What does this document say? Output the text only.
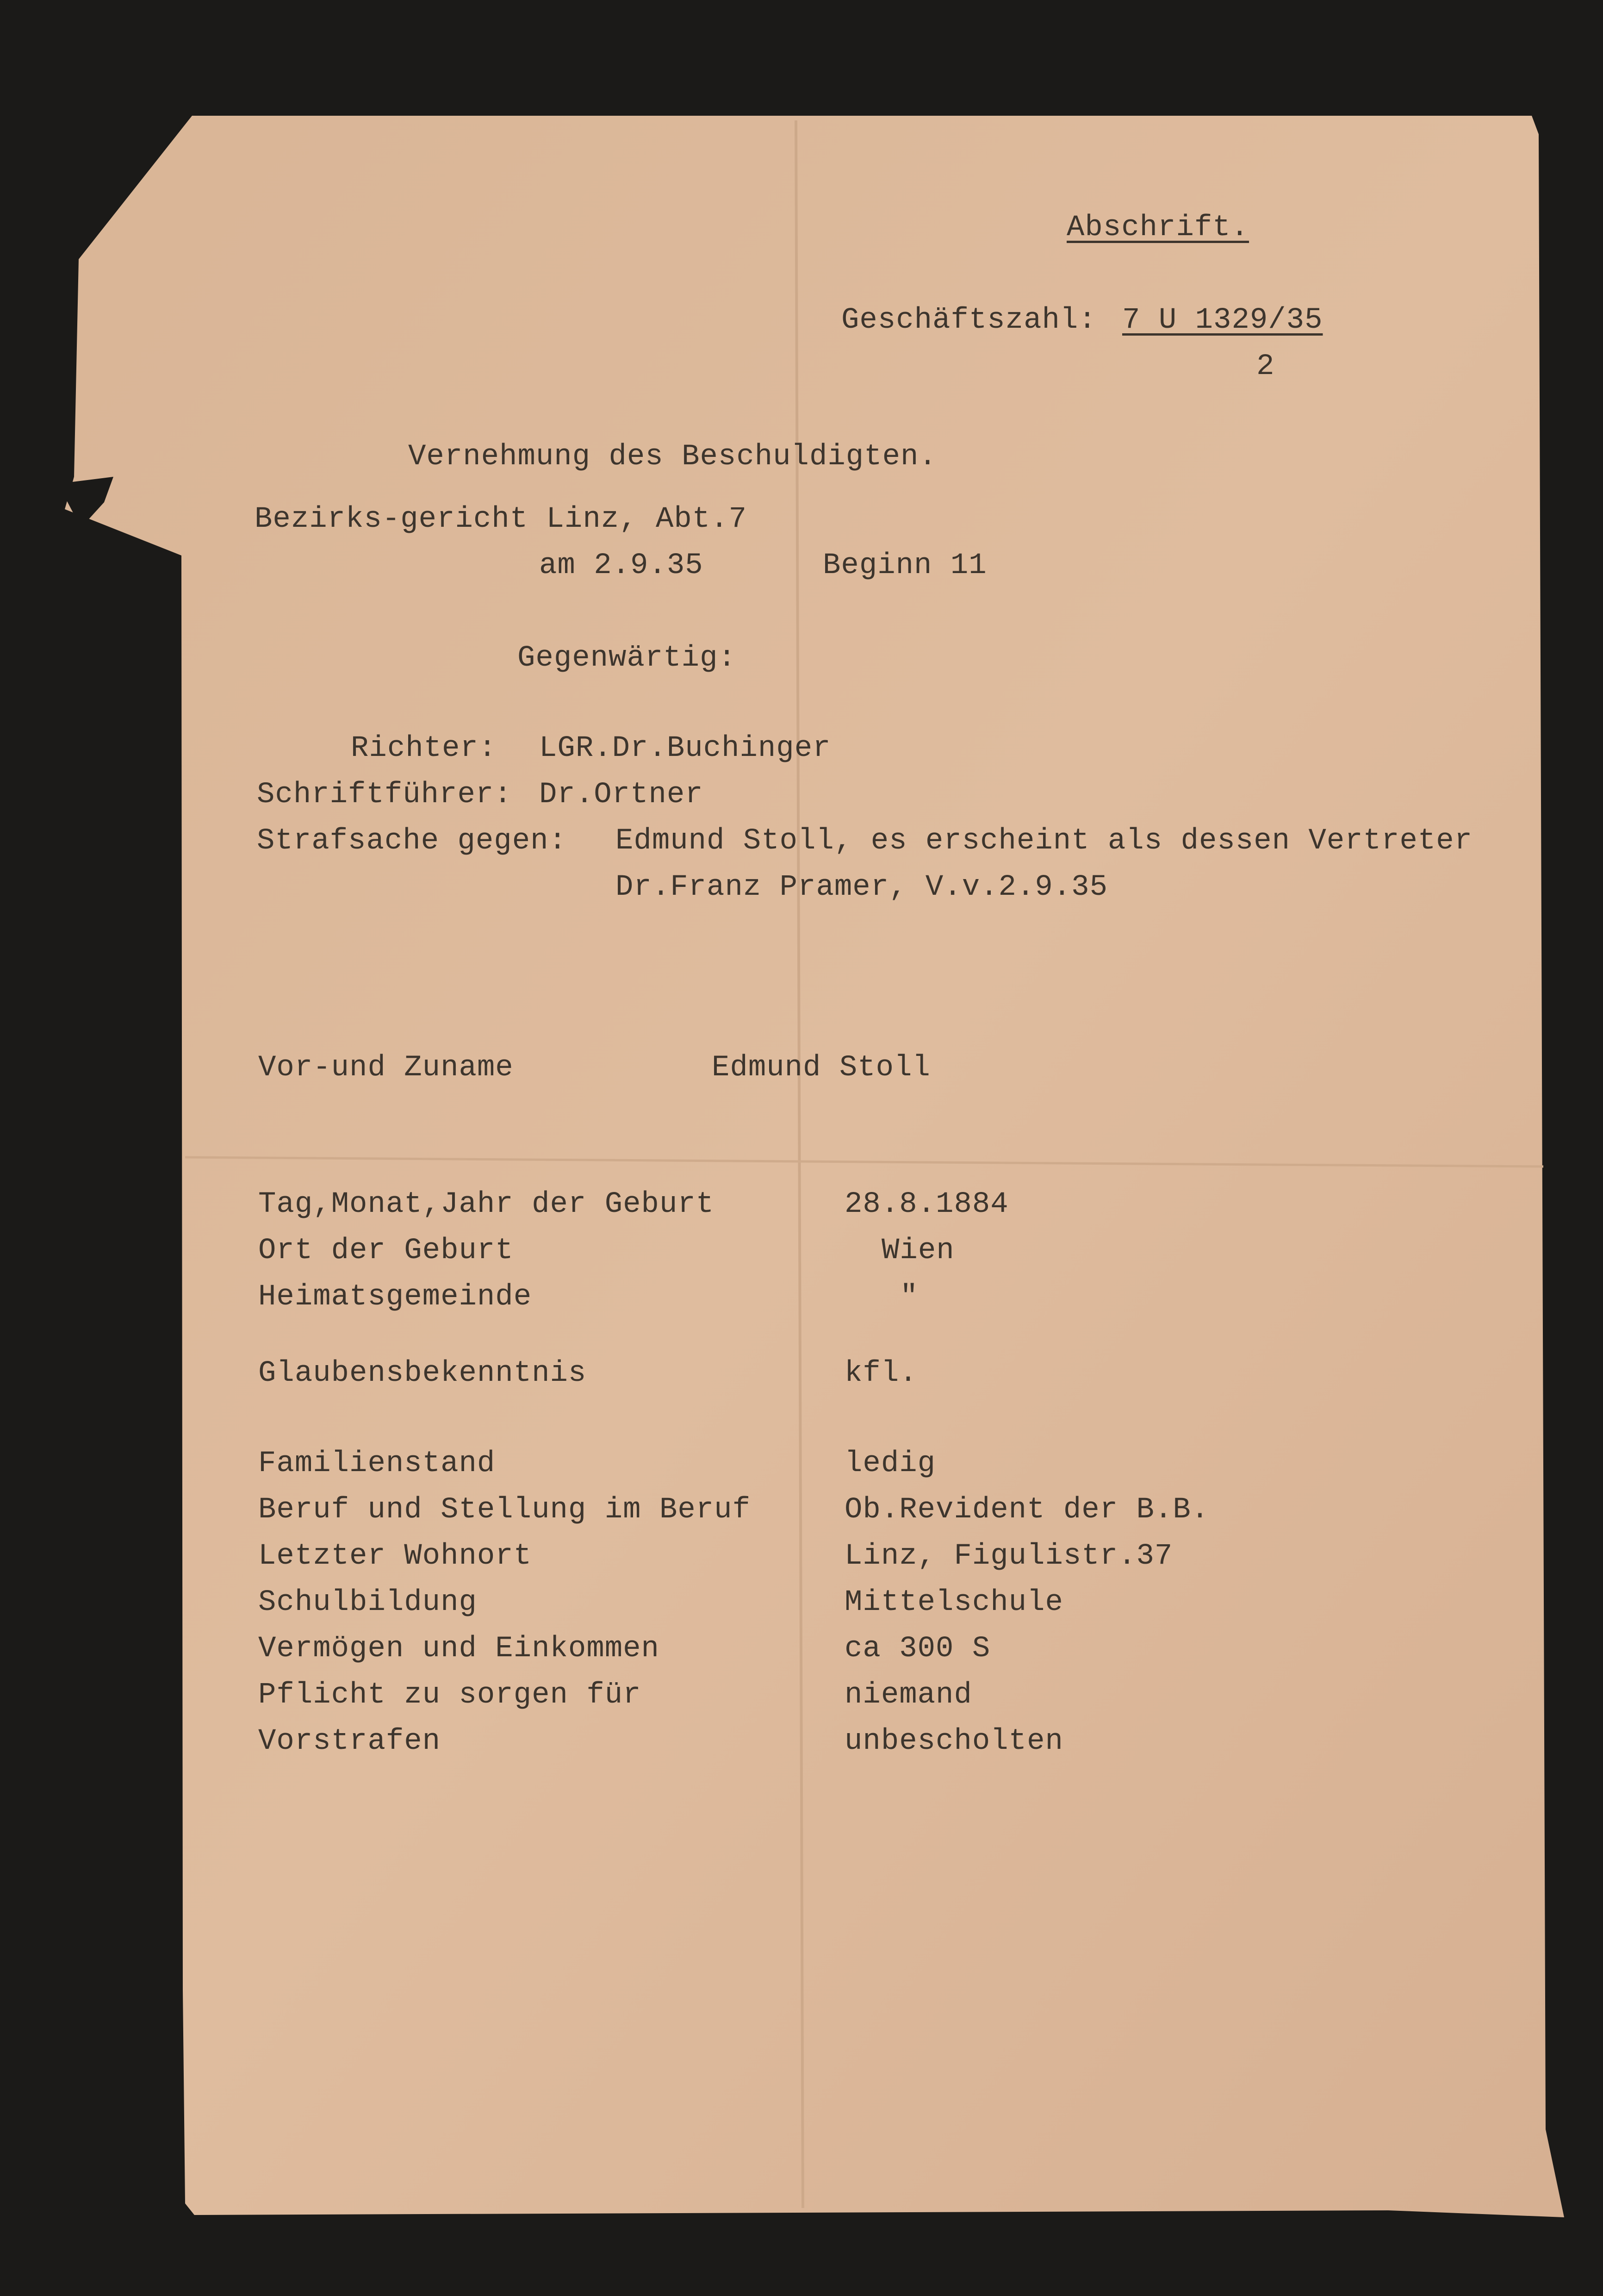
Abschrift.
Geschäftszahl: 7 U 1329/35
2
Vernehmung des Beschuldigten.
Bezirks-gericht Linz, Abt.7
am 2.9.35	Beginn 11
Gegenwärtig:
Richter: LGR.Dr.Buchinger
Schriftführer: Dr.Ortner
Strafsache gegen: Edmund Stoll, es erscheint als dessen Vertreter
Dr.Franz Pramer, V.v.2.9.35
Vor-und Zuname	Edmund Stoll
Tag,Monat,Jahr der Geburt	28.8.1884
Ort der Geburt	Wien
Heimatsgemeinde	"
Glaubensbekenntnis	kfl.
Familienstand	ledig
Beruf und Stellung im Beruf	Ob.Revident der B.B.
Letzter Wohnort	Linz, Figulistr.37
Schulbildung	Mittelschule
Vermögen und Einkommen	ca 300 S
Pflicht zu sorgen für	niemand
Vorstrafen	unbescholten
